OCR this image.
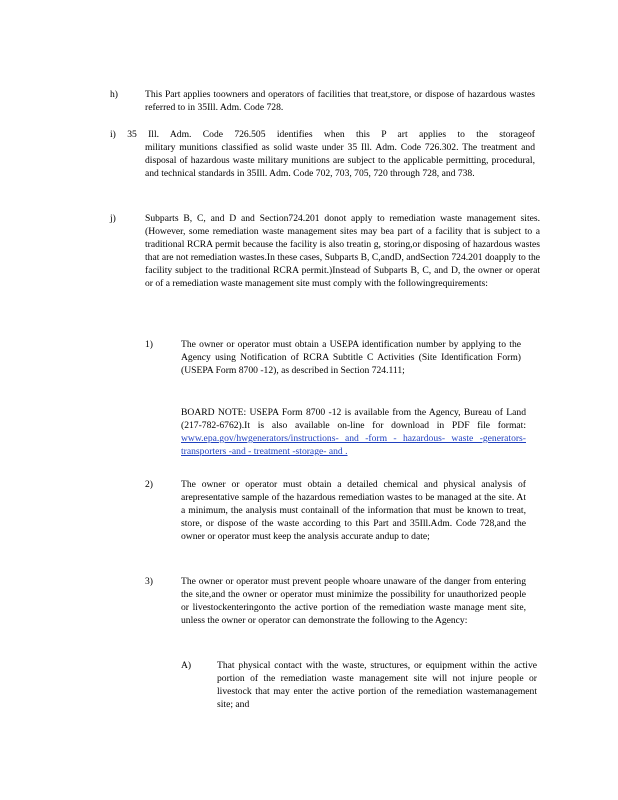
h)	This Part applies toowners and operators of facilities that treat,store, or dispose of hazardous wastes referred to in 35Ill. Adm. Code 728.

i) 35 Ill. Adm. Code 726.505 identifies when this P art applies to the storageof

military munitions classified as solid waste under 35 Ill. Adm. Code 726.302. The treatment and disposal of hazardous waste military munitions are subject to the applicable permitting, procedural, and technical standards in 35Ill. Adm. Code 702, 703, 705, 720 through 728, and 738.

j)	Subparts B, C, and D and Section724.201 donot apply to remediation waste management sites. (However, some remediation waste management sites may bea part of a facility that is subject to a traditional RCRA permit because the facility is also treatin g, storing,or disposing of hazardous wastes that are not remediation wastes.In these cases, Subparts B, C,andD, andSection 724.201 doapply to the facility subject to the traditional RCRA permit.)Instead of Subparts B, C, and D, the owner or operat or of a remediation waste management site must comply with the followingrequirements:

1)	The owner or operator must obtain a USEPA identification number by applying to the Agency using Notification of RCRA Subtitle C Activities (Site Identification Form) (USEPA Form 8700 -12), as described in Section 724.111;

BOARD NOTE: USEPA Form 8700 -12 is available from the Agency, Bureau of Land (217-782-6762).It is also available on-line for download in PDF file format: www.epa.gov/hwgenerators/instructions- and -form - hazardous- waste -generators- transporters -and - treatment -storage- and .

2)	The owner or operator must obtain a detailed chemical and physical analysis of arepresentative sample of the hazardous remediation wastes to be managed at the site. At a minimum, the analysis must containall of the information that must be known to treat, store, or dispose of the waste according to this Part and 35Ill.Adm. Code 728,and the owner or operator must keep the analysis accurate andup to date;

3)	The owner or operator must prevent people whoare unaware of the danger from entering the site,and the owner or operator must minimize the possibility for unauthorized people or livestockenteringonto the active portion of the remediation waste manage ment site, unless the owner or operator can demonstrate the following to the Agency:

A)	That physical contact with the waste, structures, or equipment within the active portion of the remediation waste management site will not injure people or livestock that may enter the active portion of the remediation wastemanagement site; and
